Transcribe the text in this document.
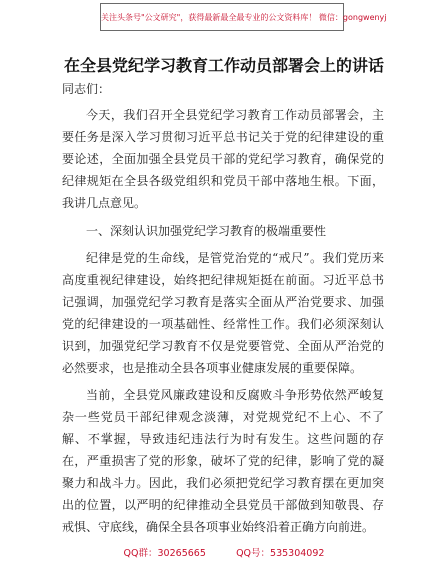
关注头条号"公文研究"，获得最新最全最专业的公文资料库！ 微信：gongwenyj
在全县党纪学习教育工作动员部署会上的讲话

同志们：

今天，我们召开全县党纪学习教育工作动员部署会，主要任务是深入学习贯彻习近平总书记关于党的纪律建设的重要论述，全面加强全县党员干部的党纪学习教育，确保党的纪律规矩在全县各级党组织和党员干部中落地生根。下面，我讲几点意见。

一、深刻认识加强党纪学习教育的极端重要性

纪律是党的生命线，是管党治党的“戒尺”。我们党历来高度重视纪律建设，始终把纪律规矩挺在前面。习近平总书记强调，加强党纪学习教育是落实全面从严治党要求、加强党的纪律建设的一项基础性、经常性工作。我们必须深刻认识到，加强党纪学习教育不仅是党要管党、全面从严治党的必然要求，也是推动全县各项事业健康发展的重要保障。

当前，全县党风廉政建设和反腐败斗争形势依然严峻复杂一些党员干部纪律观念淡薄，对党规党纪不上心、不了解、不掌握，导致违纪违法行为时有发生。这些问题的存在，严重损害了党的形象，破坏了党的纪律，影响了党的凝聚力和战斗力。因此，我们必须把党纪学习教育摆在更加突出的位置，以严明的纪律推动全县党员干部做到知敬畏、存戒惧、守底线，确保全县各项事业始终沿着正确方向前进。

QQ群：30265665	QQ号：535304092
